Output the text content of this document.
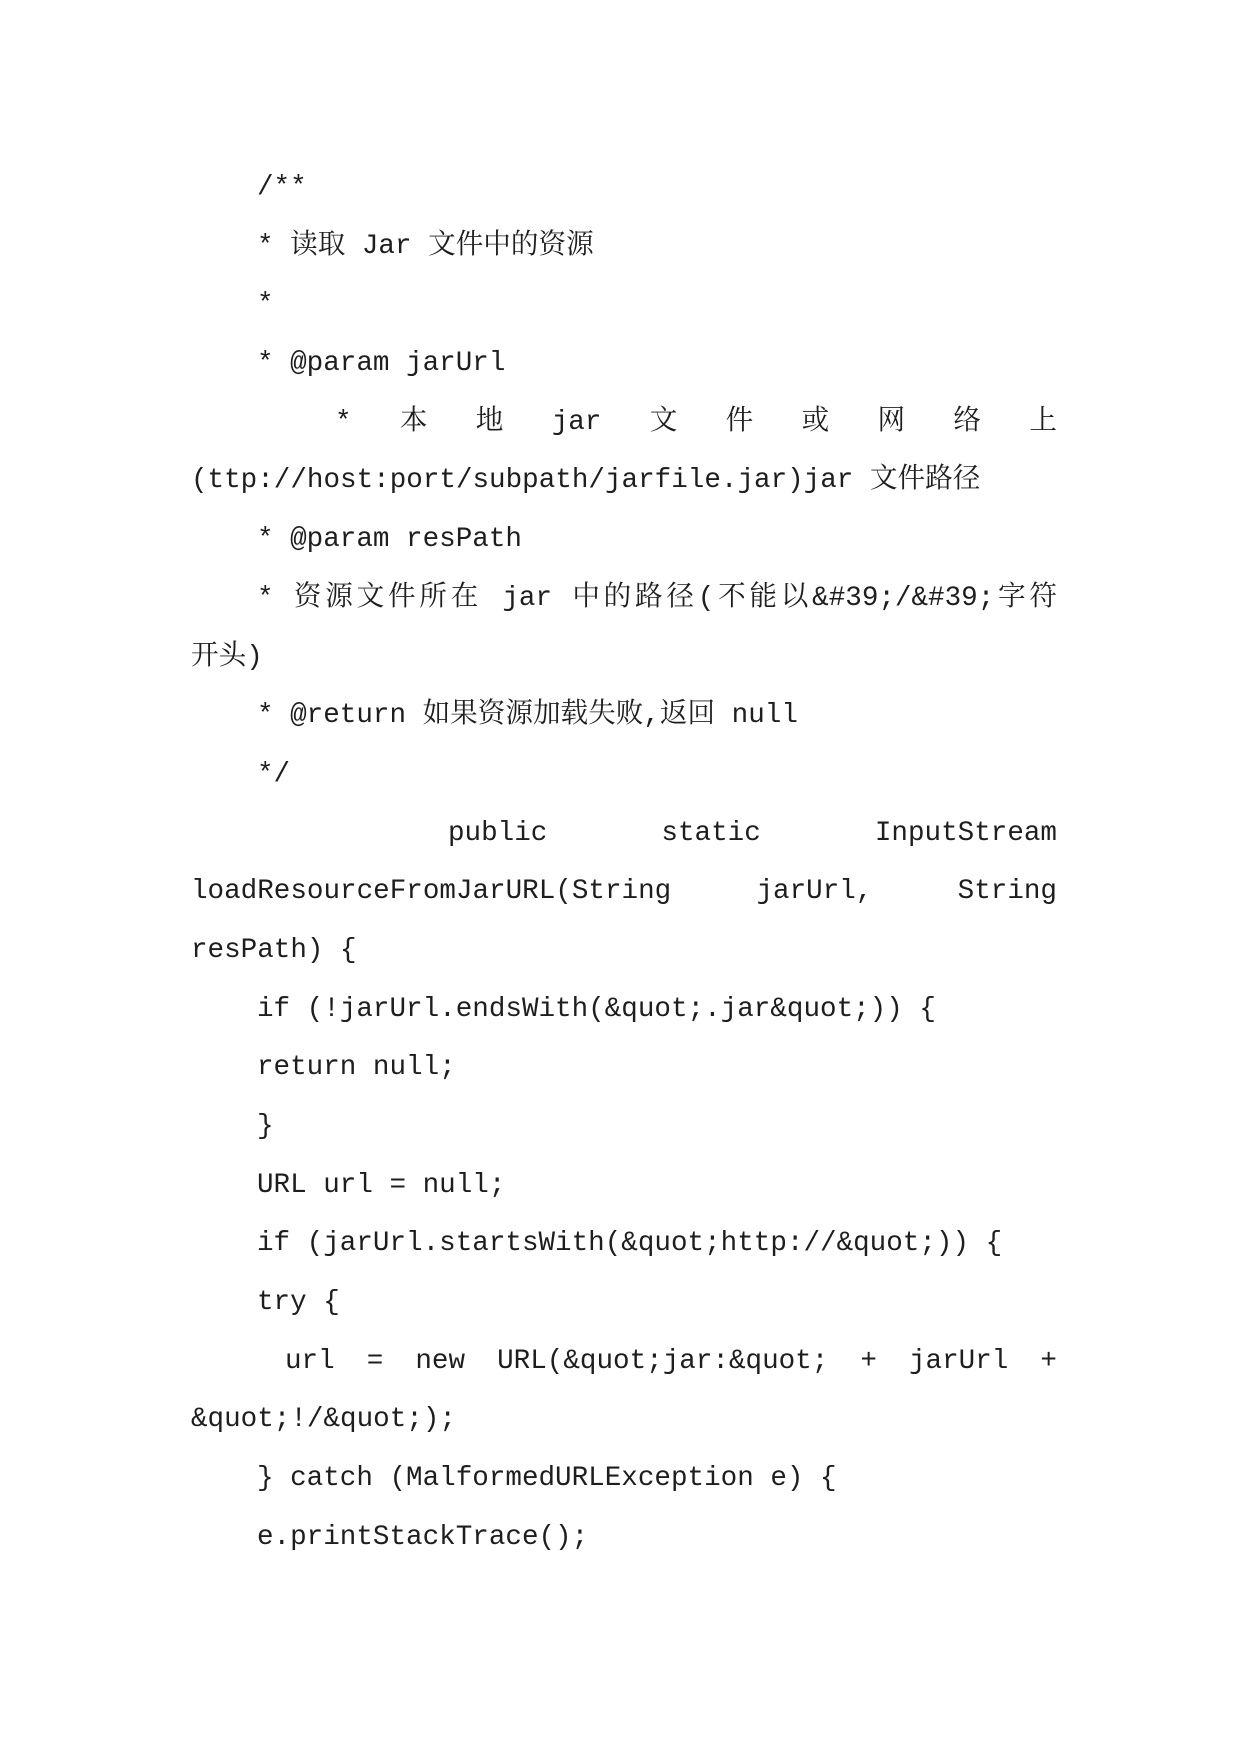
/**
* 读取 Jar 文件中的资源
*
* @param jarUrl
* 本 地 jar 文 件 或 网 络 上
(ttp://host:port/subpath/jarfile.jar)jar 文件路径
* @param resPath
* 资源文件所在 jar 中的路径(不能以&#39;/&#39;字符
开头)
* @return 如果资源加载失败,返回 null
*/
public	static	InputStream
loadResourceFromJarURL(String	jarUrl,	String
resPath) {
if (!jarUrl.endsWith(&quot;.jar&quot;)) {
return null;
}
URL url = null;
if (jarUrl.startsWith(&quot;http://&quot;)) {
try {
url = new URL(&quot;jar:&quot; + jarUrl +
&quot;!/&quot;);
} catch (MalformedURLException e) {
e.printStackTrace();
